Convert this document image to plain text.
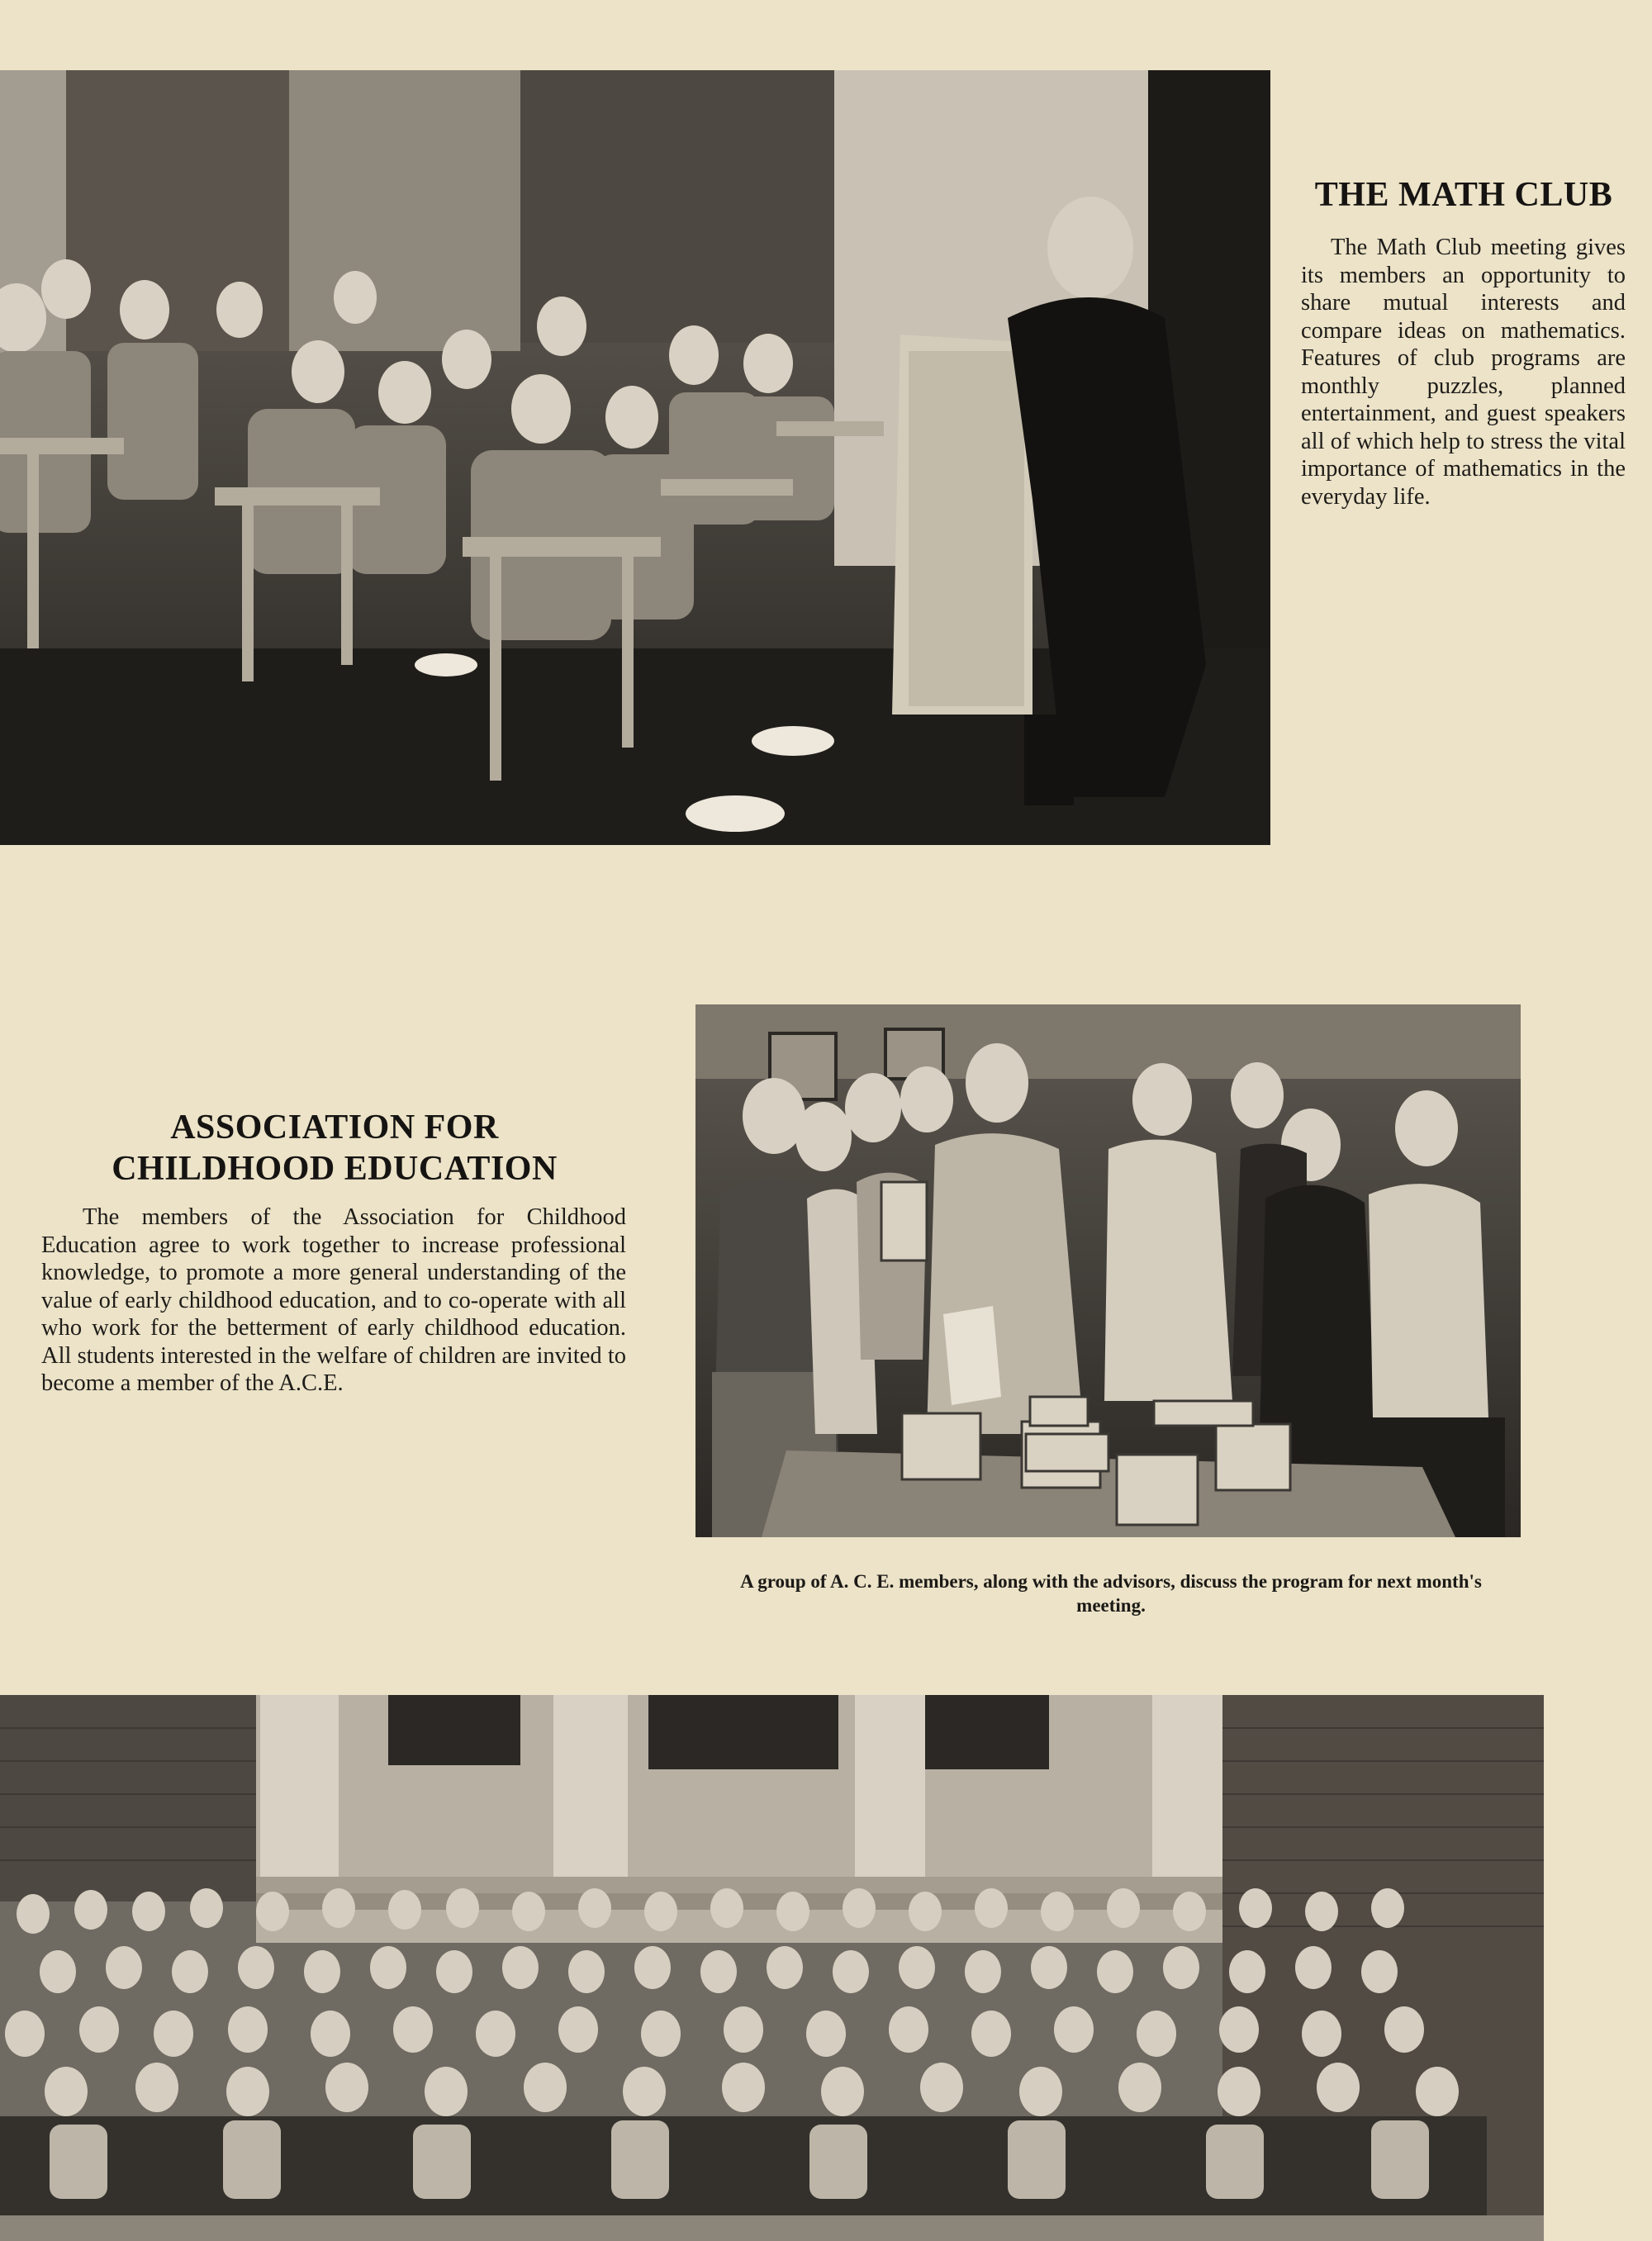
THE MATH CLUB

The Math Club meeting gives its members an opportunity to share mutual interests and compare ideas on mathematics. Features of club programs are monthly puzzles, planned entertainment, and guest speakers all of which help to stress the vital importance of mathematics in the everyday life.

ASSOCIATION FOR
CHILDHOOD EDUCATION

The members of the Association for Childhood Education agree to work together to increase professional knowledge, to promote a more general understanding of the value of early childhood education, and to co-operate with all who work for the betterment of early childhood education. All students interested in the welfare of children are invited to become a member of the A.C.E.

A group of A. C. E. members, along with the advisors, discuss the program for next month's meeting.
